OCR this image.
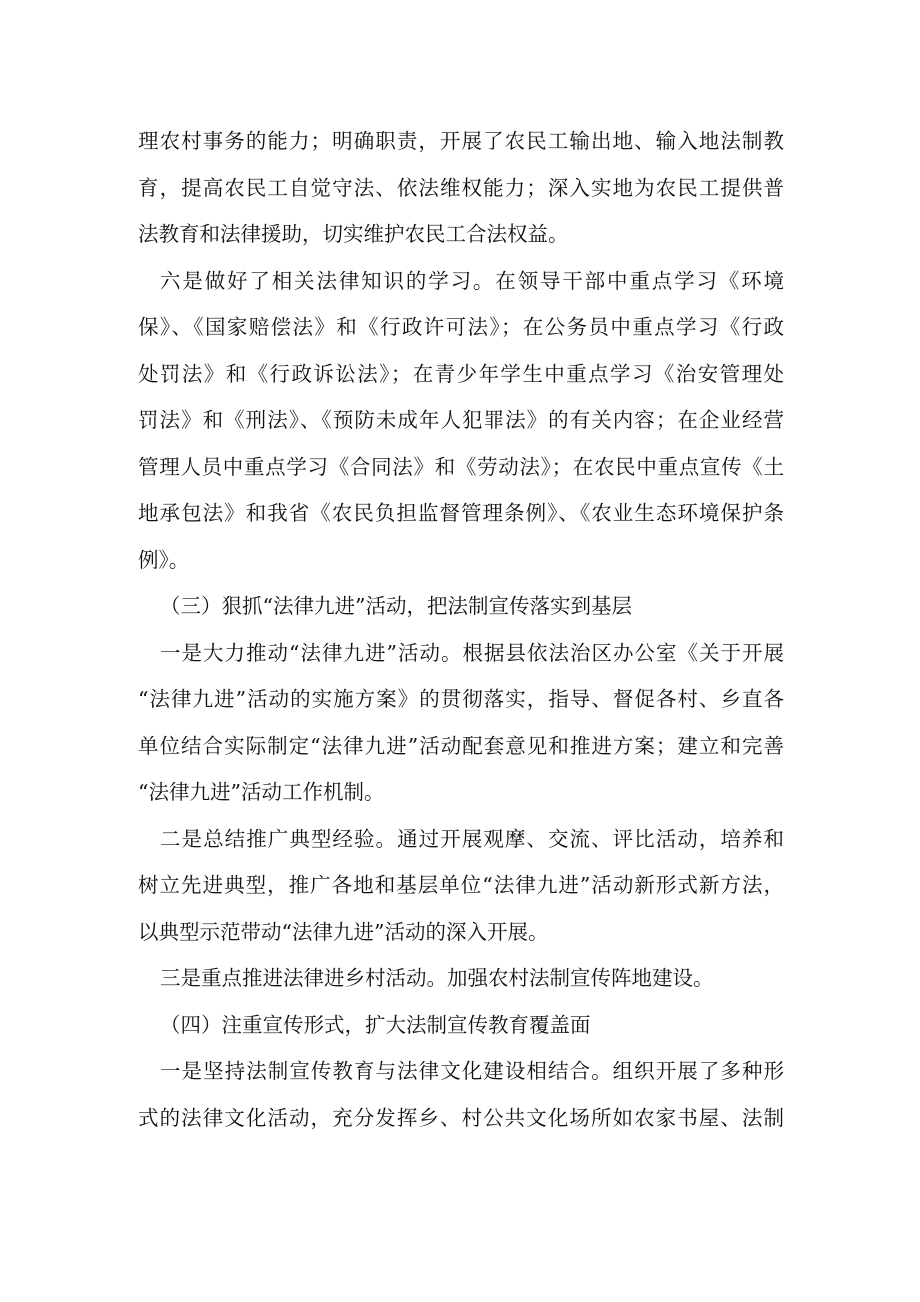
理农村事务的能力；明确职责，开展了农民工输出地、输入地法制教
育，提高农民工自觉守法、依法维权能力；深入实地为农民工提供普
法教育和法律援助，切实维护农民工合法权益。
六是做好了相关法律知识的学习。在领导干部中重点学习《环境
保》、《国家赔偿法》和《行政许可法》；在公务员中重点学习《行政
处罚法》和《行政诉讼法》；在青少年学生中重点学习《治安管理处
罚法》和《刑法》、《预防未成年人犯罪法》的有关内容；在企业经营
管理人员中重点学习《合同法》和《劳动法》；在农民中重点宣传《土
地承包法》和我省《农民负担监督管理条例》、《农业生态环境保护条
例》。
（三）狠抓“法律九进”活动，把法制宣传落实到基层
一是大力推动“法律九进”活动。根据县依法治区办公室《关于开展
“法律九进”活动的实施方案》的贯彻落实，指导、督促各村、乡直各
单位结合实际制定“法律九进”活动配套意见和推进方案；建立和完善
“法律九进”活动工作机制。
二是总结推广典型经验。通过开展观摩、交流、评比活动，培养和
树立先进典型，推广各地和基层单位“法律九进”活动新形式新方法，
以典型示范带动“法律九进”活动的深入开展。
三是重点推进法律进乡村活动。加强农村法制宣传阵地建设。
（四）注重宣传形式，扩大法制宣传教育覆盖面
一是坚持法制宣传教育与法律文化建设相结合。组织开展了多种形
式的法律文化活动，充分发挥乡、村公共文化场所如农家书屋、法制
